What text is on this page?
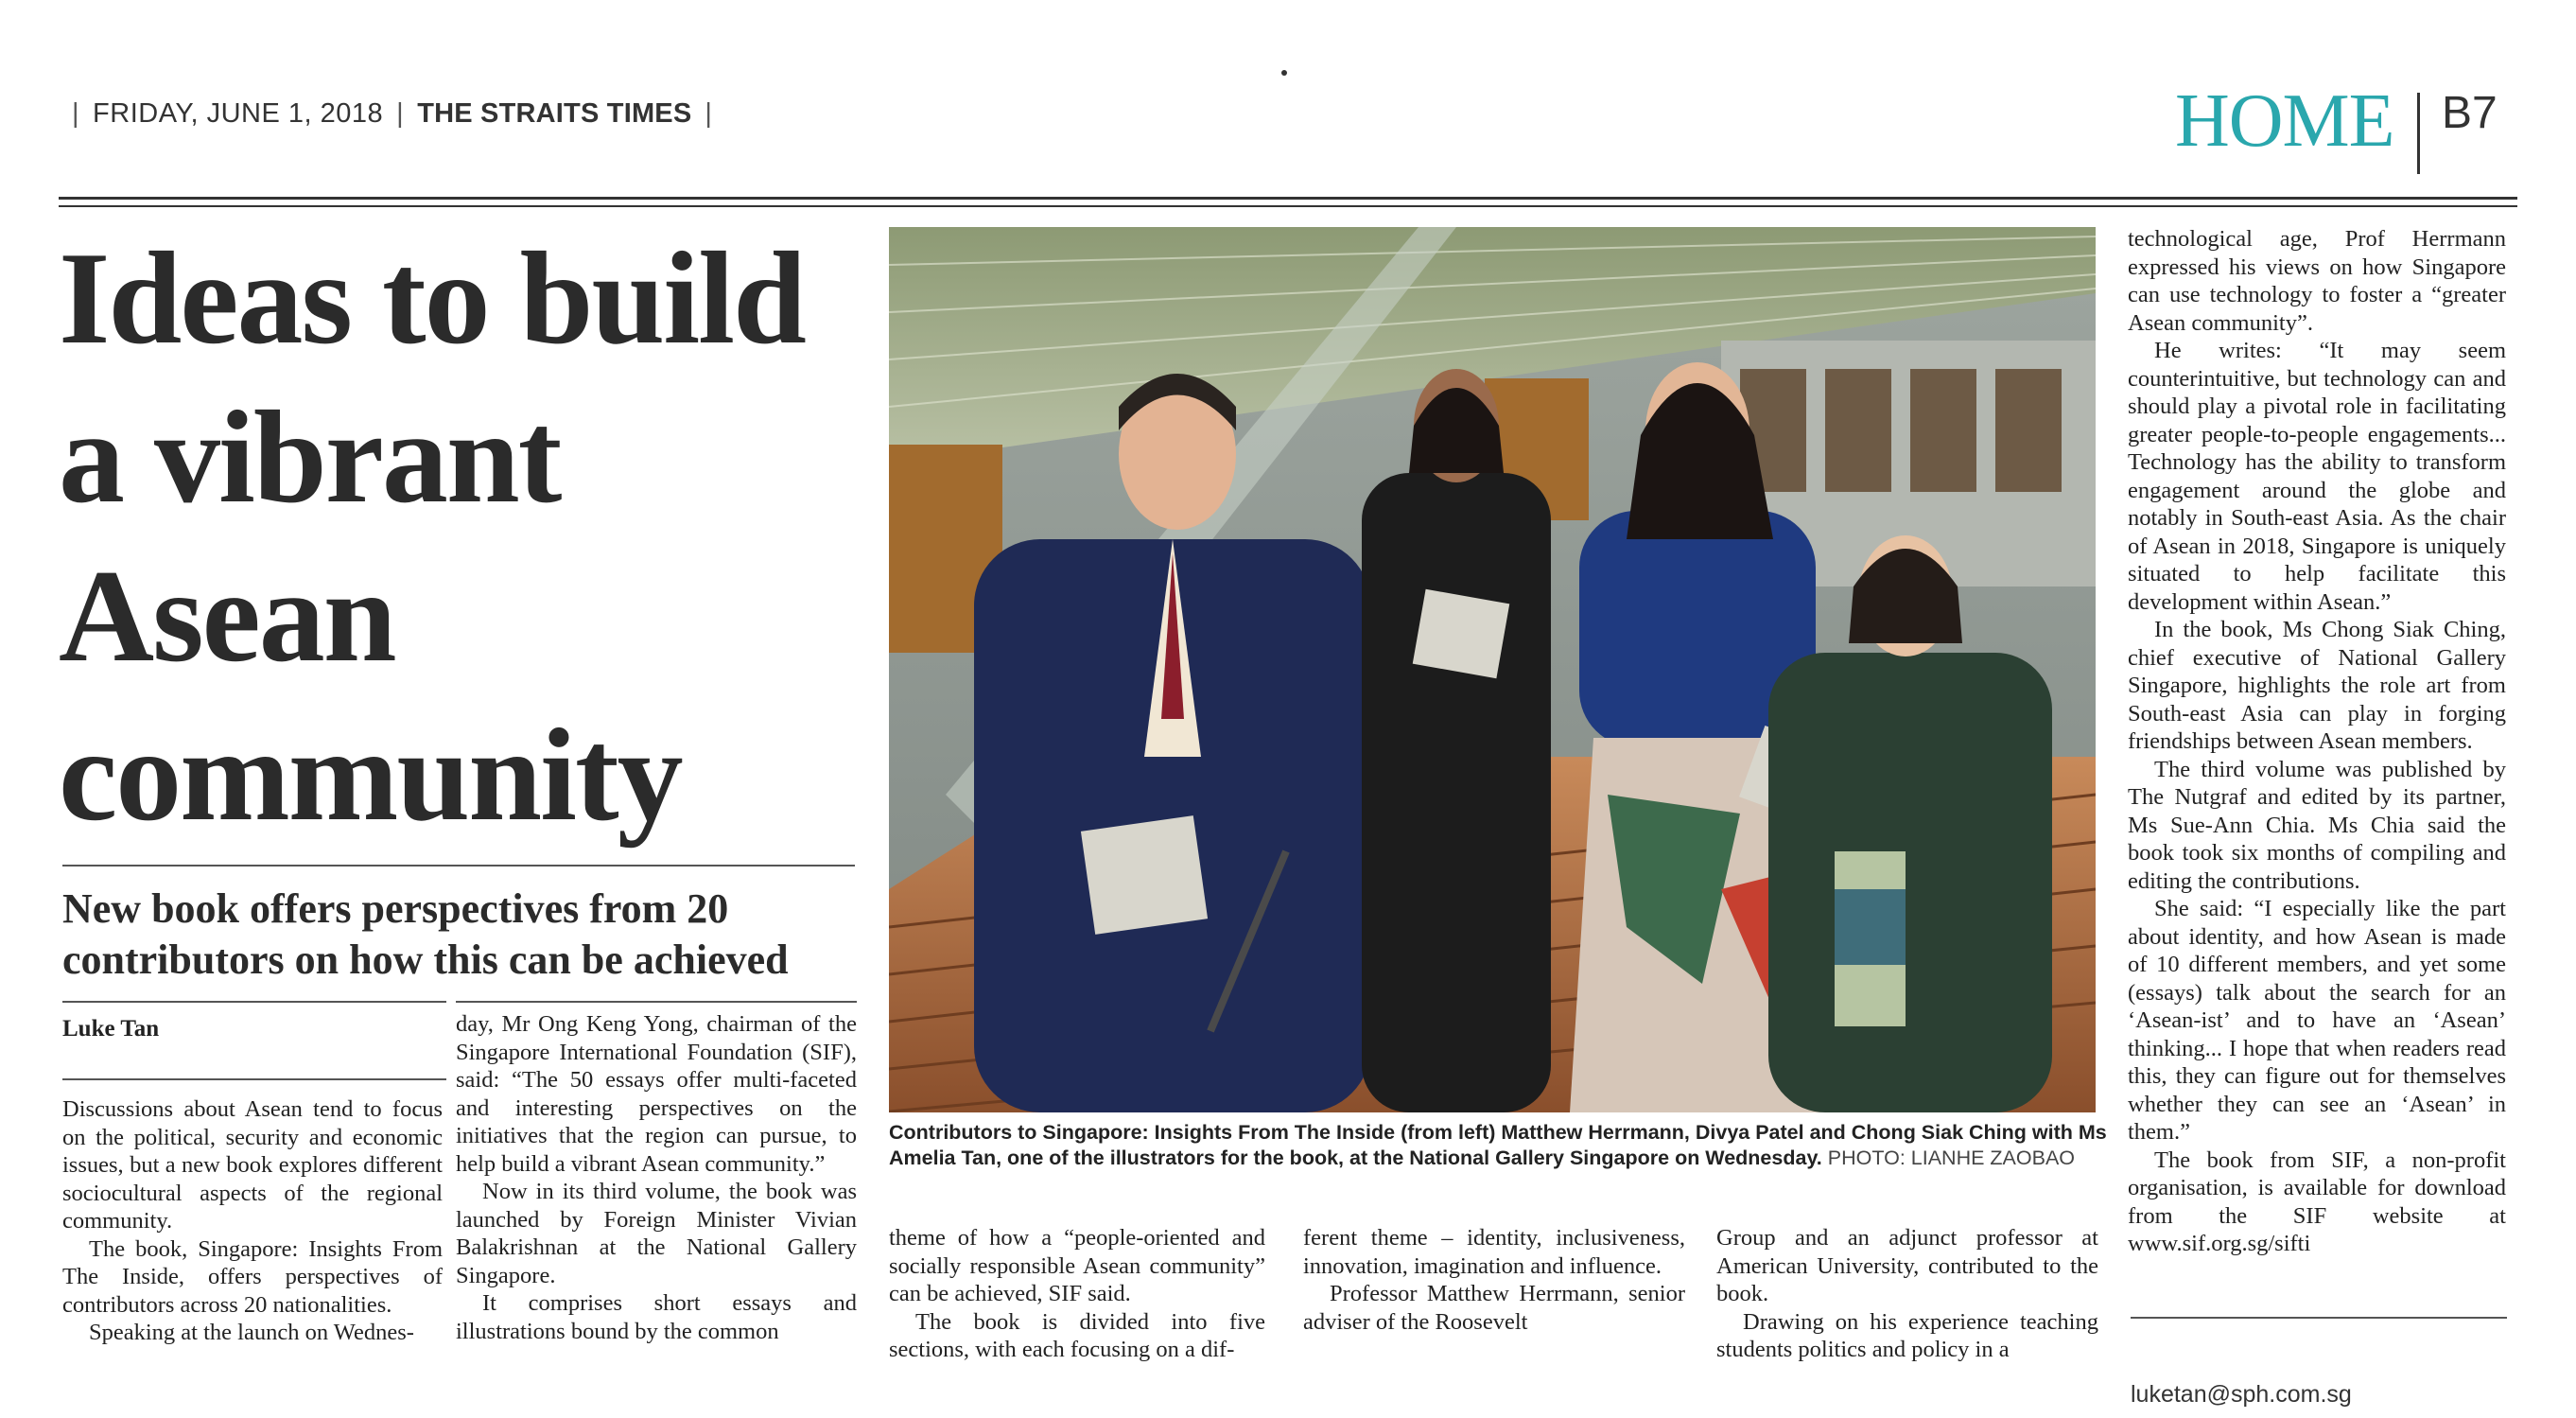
| FRIDAY, JUNE 1, 2018 | THE STRAITS TIMES |	HOME B7
Ideas to build
a vibrant
Asean
community
New book offers perspectives from 20 contributors on how this can be achieved
Luke Tan

Discussions about Asean tend to focus on the political, security and economic issues, but a new book explores different sociocultural aspects of the regional community.

The book, Singapore: Insights From The Inside, offers perspectives of contributors across 20 nationalities.

Speaking at the launch on Wednes-

day, Mr Ong Keng Yong, chairman of the Singapore International Foundation (SIF), said: “The 50 essays offer multi-faceted and interesting perspectives on the initiatives that the region can pursue, to help build a vibrant Asean community.”

Now in its third volume, the book was launched by Foreign Minister Vivian Balakrishnan at the National Gallery Singapore.

It comprises short essays and illustrations bound by the common

Contributors to Singapore: Insights From The Inside (from left) Matthew Herrmann, Divya Patel and Chong Siak Ching with Ms Amelia Tan, one of the illustrators for the book, at the National Gallery Singapore on Wednesday. PHOTO: LIANHE ZAOBAO

theme of how a “people-oriented and socially responsible Asean community” can be achieved, SIF said.

The book is divided into five sections, with each focusing on a dif-

ferent theme – identity, inclusiveness, innovation, imagination and influence.

Professor Matthew Herrmann, senior adviser of the Roosevelt

Group and an adjunct professor at American University, contributed to the book.

Drawing on his experience teaching students politics and policy in a

technological age, Prof Herrmann expressed his views on how Singapore can use technology to foster a “greater Asean community”.

He writes: “It may seem counterintuitive, but technology can and should play a pivotal role in facilitating greater people-to-people engagements... Technology has the ability to transform engagement around the globe and notably in South-east Asia. As the chair of Asean in 2018, Singapore is uniquely situated to help facilitate this development within Asean.”

In the book, Ms Chong Siak Ching, chief executive of National Gallery Singapore, highlights the role art from South-east Asia can play in forging friendships between Asean members.

The third volume was published by The Nutgraf and edited by its partner, Ms Sue-Ann Chia. Ms Chia said the book took six months of compiling and editing the contributions.

She said: “I especially like the part about identity, and how Asean is made of 10 different members, and yet some (essays) talk about the search for an ‘Asean-ist’ and to have an ‘Asean’ thinking... I hope that when readers read this, they can figure out for themselves whether they can see an ‘Asean’ in them.”

The book from SIF, a non-profit organisation, is available for download from the SIF website at www.sif.org.sg/sifti

luketan@sph.com.sg
